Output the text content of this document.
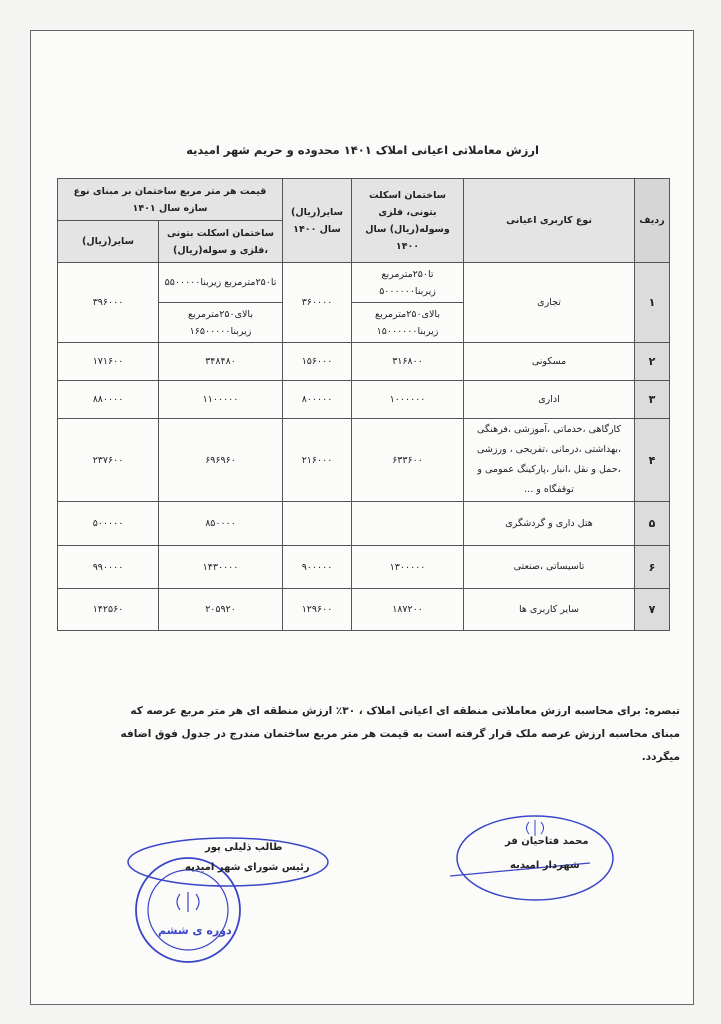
ارزش معاملاتی اعیانی املاک ۱۴۰۱ محدوده و حریم شهر امیدیه
ردیف	نوع کاربری اعیانی	ساختمان اسکلت بتونی، فلزی وسوله(ریال) سال ۱۴۰۰	سایر(ریال) سال ۱۴۰۰	قیمت هر متر مربع ساختمان بر مبنای نوع سازه سال ۱۴۰۱	
				ساختمان اسکلت بتونی ،فلزی و سوله(ریال)	سایر(ریال)
۱	تجاری	تا۲۵۰مترمربع زیربنا۵۰۰۰۰۰۰	۳۶۰۰۰۰	تا۲۵۰مترمربع زیربنا۵۵۰۰۰۰۰	۳۹۶۰۰۰
		بالای۲۵۰مترمربع زیربنا۱۵۰۰۰۰۰۰		بالای۲۵۰مترمربع زیربنا۱۶۵۰۰۰۰۰	
۲	مسکونی	۳۱۶۸۰۰	۱۵۶۰۰۰	۳۴۸۴۸۰	۱۷۱۶۰۰
۳	اداری	۱۰۰۰۰۰۰	۸۰۰۰۰۰	۱۱۰۰۰۰۰	۸۸۰۰۰۰
۴	کارگاهی ،خدماتی ،آموزشی ،فرهنگی ،بهداشتی ،درمانی ،تفریحی ، ورزشی ،حمل و نقل ،انبار ،پارکینگ عمومی و توقفگاه و ...	۶۳۳۶۰۰	۲۱۶۰۰۰	۶۹۶۹۶۰	۲۳۷۶۰۰
۵	هتل داری و گردشگری			۸۵۰۰۰۰	۵۰۰۰۰۰
۶	تاسیساتی ،صنعتی	۱۳۰۰۰۰۰	۹۰۰۰۰۰	۱۴۳۰۰۰۰	۹۹۰۰۰۰
۷	سایر کاربری ها	۱۸۷۲۰۰	۱۲۹۶۰۰	۲۰۵۹۲۰	۱۴۲۵۶۰
تبصره: برای محاسبه ارزش معاملاتی منطقه ای اعیانی املاک ، ۳۰٪ ارزش منطقه ای هر متر مربع عرصه که مبنای محاسبه ارزش عرصه ملک قرار گرفته است به قیمت هر متر مربع ساختمان مندرج در جدول فوق اضافه میگردد.
محمد فتاحیان فر
شهردار امیدیه
دوره ی ششم
طالب ذلیلی پور
رئیس شورای شهر امیدیه
